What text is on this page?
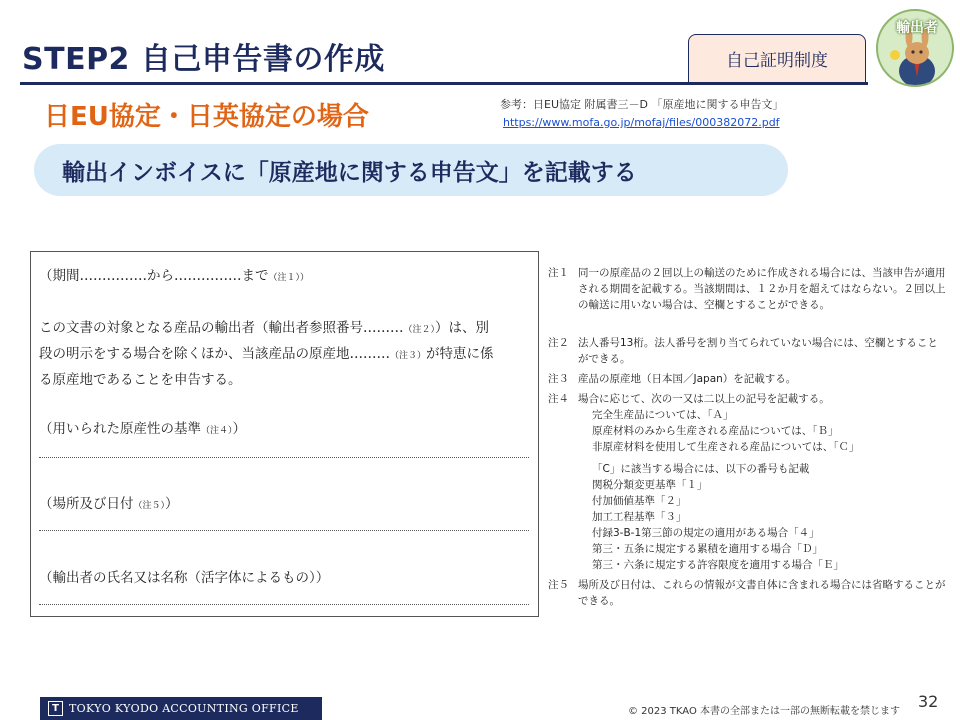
STEP2 自己申告書の作成	自己証明制度
輸出者
日EU協定・日英協定の場合	参考：日EU協定 附属書三－D 「原産地に関する申告文」
https://www.mofa.go.jp/mofaj/files/000382072.pdf
輸出インボイスに「原産地に関する申告文」を記載する
（期間……………から……………まで（注１））
この文書の対象となる産品の輸出者（輸出者参照番号………（注２））は、別
段の明示をする場合を除くほか、当該産品の原産地………（注３）が特恵に係
る原産地であることを申告する。
（用いられた原産性の基準（注４））
（場所及び日付（注５））
（輸出者の氏名又は名称（活字体によるもの））
注１ 同一の原産品の２回以上の輸送のために作成される場合には、当該申告が適用される期間を記載する。当該期間は、１２か月を超えてはならない。２回以上の輸送に用いない場合は、空欄とすることができる。
注２ 法人番号13桁。法人番号を割り当てられていない場合には、空欄とすることができる。
注３ 産品の原産地（日本国／Japan）を記載する。
注４ 場合に応じて、次の一又は二以上の記号を記載する。
完全生産品については、「Ａ」
原産材料のみから生産される産品については、「Ｂ」
非原産材料を使用して生産される産品については、「Ｃ」
「C」に該当する場合には、以下の番号も記載
関税分類変更基準「１」
付加価値基準「２」
加工工程基準「３」
付録3-B-1第三節の規定の適用がある場合「４」
第三・五条に規定する累積を適用する場合「Ｄ」
第三・六条に規定する許容限度を適用する場合「Ｅ」
注５ 場所及び日付は、これらの情報が文書自体に含まれる場合には省略することができる。
T TOKYO KYODO ACCOUNTING OFFICE	© 2023 TKAO 本書の全部または一部の無断転載を禁じます
32
